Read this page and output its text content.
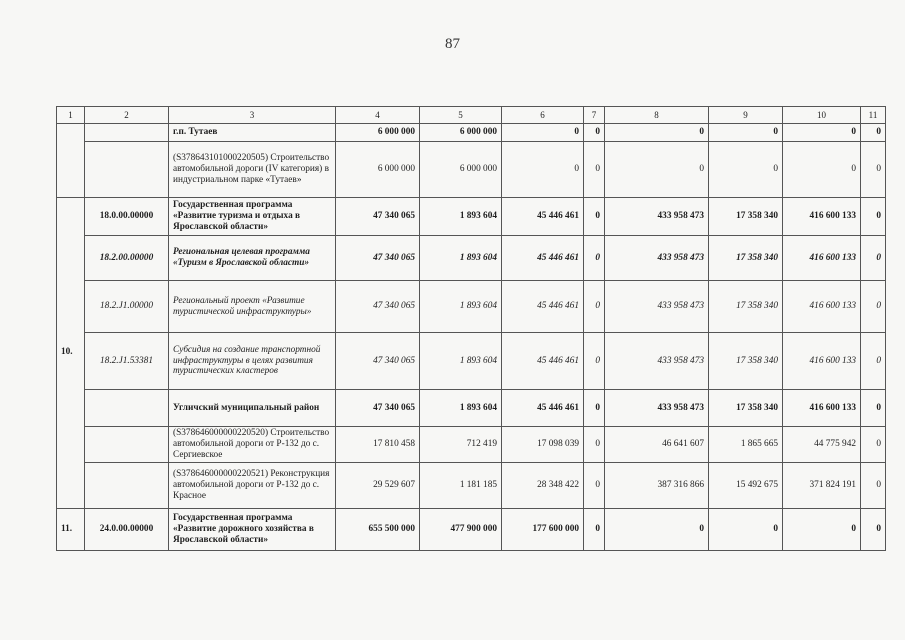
87
1	2	3	4	5	6	7	8	9	10	11
		г.п. Тутаев	6 000 000	6 000 000	0	0	0	0	0	0
		(S378643101000220505) Строительство автомобильной дороги (IV категория) в индустриальном парке «Тутаев»	6 000 000	6 000 000	0	0	0	0	0	0
10.	18.0.00.00000	Государственная программа «Развитие туризма и отдыха в Ярославской области»	47 340 065	1 893 604	45 446 461	0	433 958 473	17 358 340	416 600 133	0
	18.2.00.00000	Региональная целевая программа «Туризм в Ярославской области»	47 340 065	1 893 604	45 446 461	0	433 958 473	17 358 340	416 600 133	0
	18.2.J1.00000	Региональный проект «Развитие туристической инфраструктуры»	47 340 065	1 893 604	45 446 461	0	433 958 473	17 358 340	416 600 133	0
	18.2.J1.53381	Субсидия на создание транспортной инфраструктуры в целях развития туристических кластеров	47 340 065	1 893 604	45 446 461	0	433 958 473	17 358 340	416 600 133	0
		Угличский муниципальный район	47 340 065	1 893 604	45 446 461	0	433 958 473	17 358 340	416 600 133	0
		(S378646000000220520) Строительство автомобильной дороги от Р-132 до с. Сергиевское	17 810 458	712 419	17 098 039	0	46 641 607	1 865 665	44 775 942	0
		(S378646000000220521) Реконструкция автомобильной дороги от Р-132 до с. Красное	29 529 607	1 181 185	28 348 422	0	387 316 866	15 492 675	371 824 191	0
11.	24.0.00.00000	Государственная программа «Развитие дорожного хозяйства в Ярославской области»	655 500 000	477 900 000	177 600 000	0	0	0	0	0
